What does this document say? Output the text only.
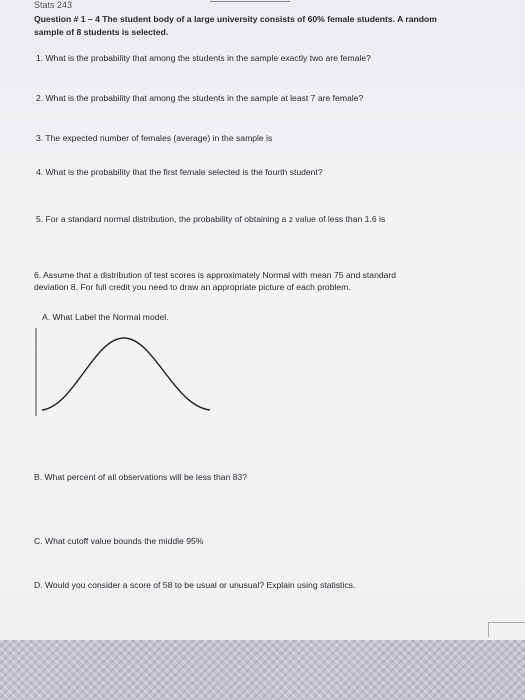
Stats 243
Question # 1 – 4 The student body of a large university consists of 60% female students. A random
sample of 8 students is selected.
1. What is the probability that among the students in the sample exactly two are female?
2. What is the probability that among the students in the sample at least 7 are female?
3. The expected number of females (average) in the sample is
4. What is the probability that the first female selected is the fourth student?
5. For a standard normal distribution, the probability of obtaining a z value of less than 1.6 is
6. Assume that a distribution of test scores is approximately Normal with mean 75 and standard
deviation 8. For full credit you need to draw an appropriate picture of each problem.
A. What Label the Normal model.
B. What percent of all observations will be less than 83?
C. What cutoff value bounds the middle 95%
D. Would you consider a score of 58 to be usual or unusual? Explain using statistics.
